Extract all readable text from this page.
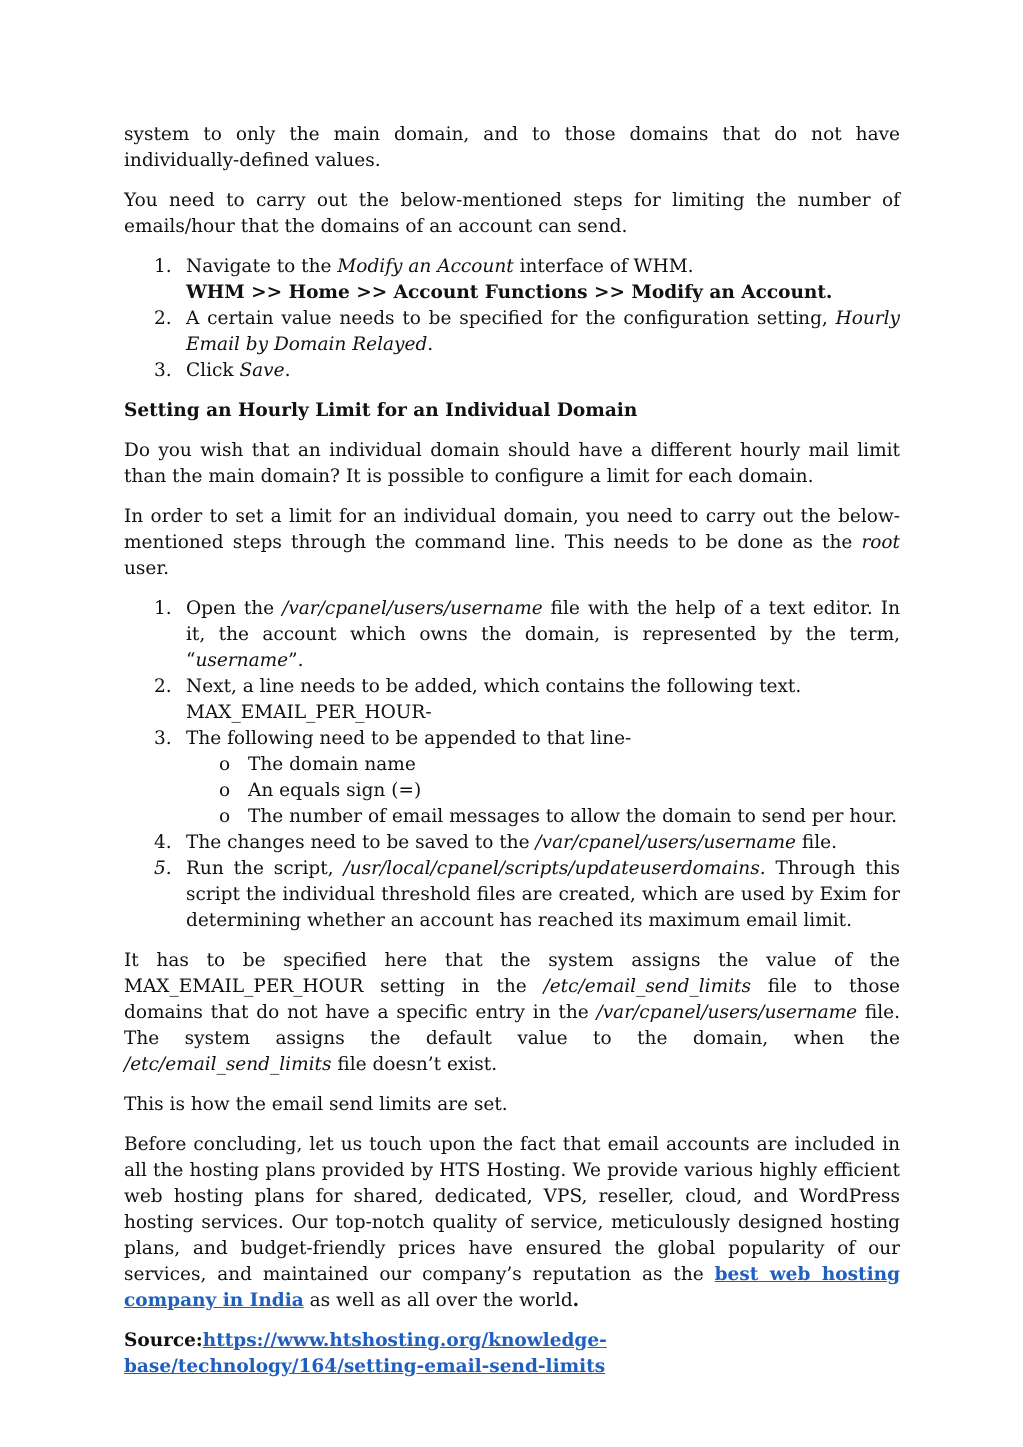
system to only the main domain, and to those domains that do not have individually-defined values.

You need to carry out the below-mentioned steps for limiting the number of emails/hour that the domains of an account can send.

1. Navigate to the Modify an Account interface of WHM.
WHM >> Home >> Account Functions >> Modify an Account.
2. A certain value needs to be specified for the configuration setting, Hourly Email by Domain Relayed.
3. Click Save.
Setting an Hourly Limit for an Individual Domain

Do you wish that an individual domain should have a different hourly mail limit than the main domain? It is possible to configure a limit for each domain.

In order to set a limit for an individual domain, you need to carry out the below-mentioned steps through the command line. This needs to be done as the root user.

1. Open the /var/cpanel/users/username file with the help of a text editor. In it, the account which owns the domain, is represented by the term, “username”.
2. Next, a line needs to be added, which contains the following text.
MAX_EMAIL_PER_HOUR-
3. The following need to be appended to that line-
o The domain name
o An equals sign (=)
o The number of email messages to allow the domain to send per hour.
4. The changes need to be saved to the /var/cpanel/users/username file.
5. Run the script, /usr/local/cpanel/scripts/updateuserdomains. Through this script the individual threshold files are created, which are used by Exim for determining whether an account has reached its maximum email limit.

It has to be specified here that the system assigns the value of the MAX_EMAIL_PER_HOUR setting in the /etc/email_send_limits file to those domains that do not have a specific entry in the /var/cpanel/users/username file. The system assigns the default value to the domain, when the /etc/email_send_limits file doesn’t exist.

This is how the email send limits are set.

Before concluding, let us touch upon the fact that email accounts are included in all the hosting plans provided by HTS Hosting. We provide various highly efficient web hosting plans for shared, dedicated, VPS, reseller, cloud, and WordPress hosting services. Our top-notch quality of service, meticulously designed hosting plans, and budget-friendly prices have ensured the global popularity of our services, and maintained our company’s reputation as the best web hosting company in India as well as all over the world.

Source:https://www.htshosting.org/knowledge-base/technology/164/setting-email-send-limits
